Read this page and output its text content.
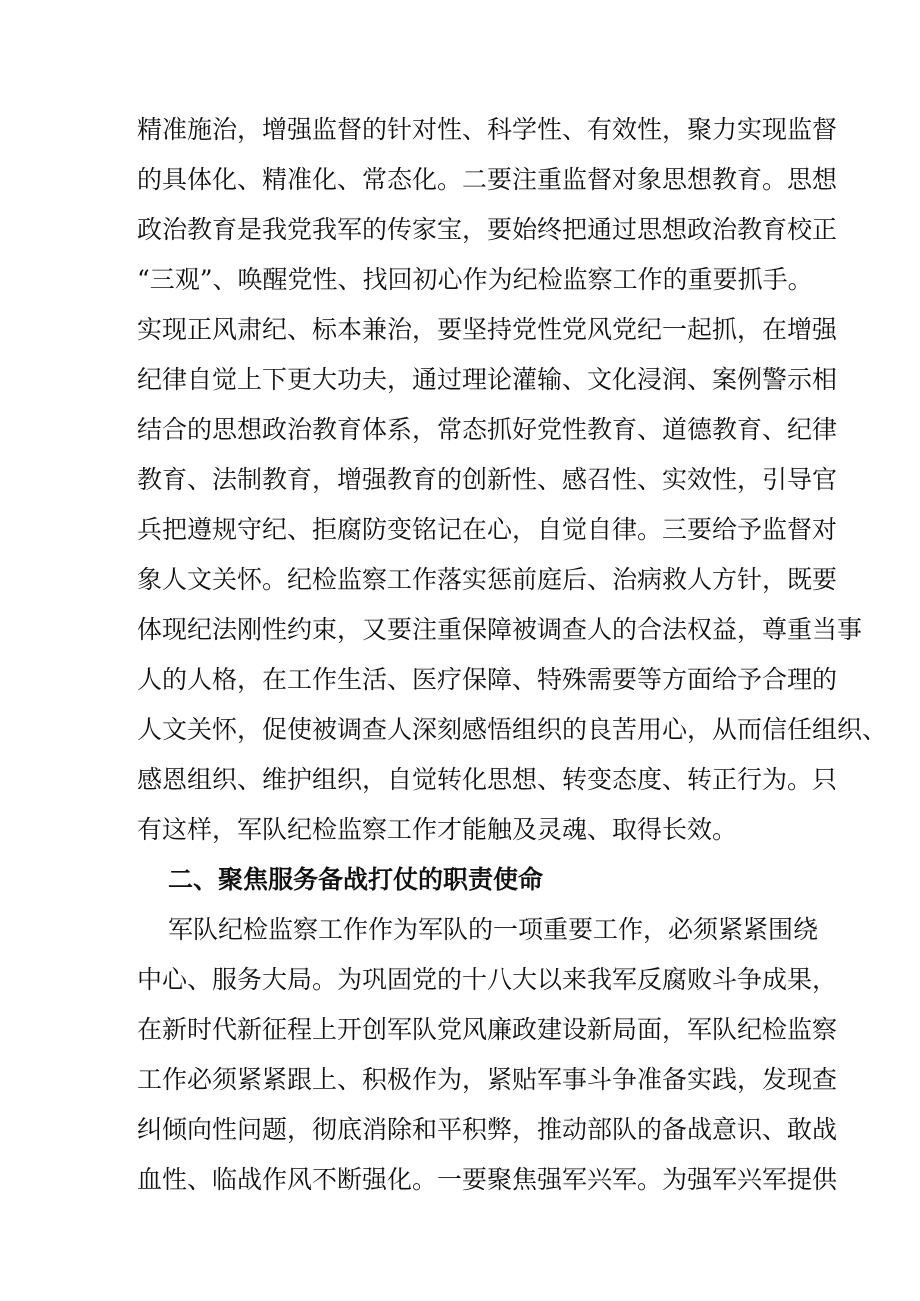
精准施治，增强监督的针对性、科学性、有效性，聚力实现监督
的具体化、精准化、常态化。二要注重监督对象思想教育。思想
政治教育是我党我军的传家宝，要始终把通过思想政治教育校正
“三观”、唤醒党性、找回初心作为纪检监察工作的重要抓手。
实现正风肃纪、标本兼治，要坚持党性党风党纪一起抓，在增强
纪律自觉上下更大功夫，通过理论灌输、文化浸润、案例警示相
结合的思想政治教育体系，常态抓好党性教育、道德教育、纪律
教育、法制教育，增强教育的创新性、感召性、实效性，引导官
兵把遵规守纪、拒腐防变铭记在心，自觉自律。三要给予监督对
象人文关怀。纪检监察工作落实惩前庭后、治病救人方针，既要
体现纪法刚性约束，又要注重保障被调查人的合法权益，尊重当事
人的人格，在工作生活、医疗保障、特殊需要等方面给予合理的
人文关怀，促使被调查人深刻感悟组织的良苦用心，从而信任组织、
感恩组织、维护组织，自觉转化思想、转变态度、转正行为。只
有这样，军队纪检监察工作才能触及灵魂、取得长效。
二、聚焦服务备战打仗的职责使命
军队纪检监察工作作为军队的一项重要工作，必须紧紧围绕
中心、服务大局。为巩固党的十八大以来我军反腐败斗争成果，
在新时代新征程上开创军队党风廉政建设新局面，军队纪检监察
工作必须紧紧跟上、积极作为，紧贴军事斗争准备实践，发现查
纠倾向性问题，彻底消除和平积弊，推动部队的备战意识、敢战
血性、临战作风不断强化。一要聚焦强军兴军。为强军兴军提供
